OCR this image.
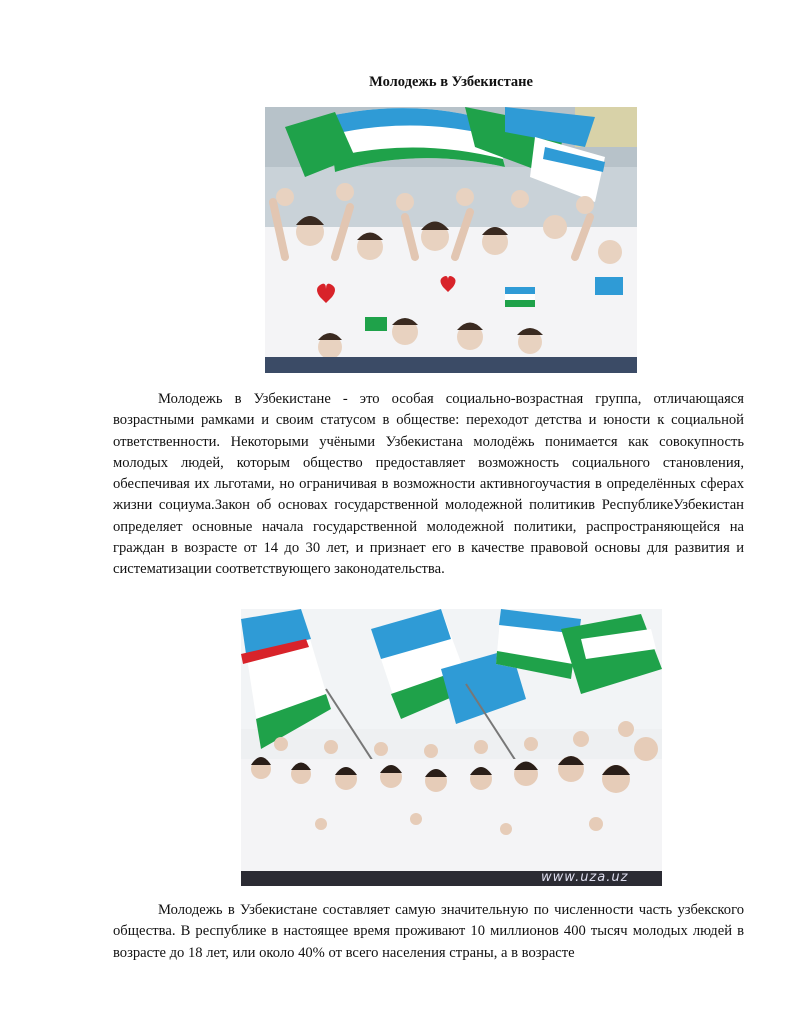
Молодежь в Узбекистане

Молодежь в Узбекистане - это особая социально-возрастная группа, отличающаяся возрастными рамками и своим статусом в обществе: переходот детства и юности к социальной ответственности. Некоторыми учёными Узбекистана молодёжь понимается как совокупность молодых людей, которым общество предоставляет возможность социального становления, обеспечивая их льготами, но ограничивая в возможности активногоучастия в определённых сферах жизни социума.Закон об основах государственной молодежной политикив РеспубликеУзбекистан определяет основные начала государственной молодежной политики, распространяющейся на граждан в возрасте от 14 до 30 лет, и признает его в качестве правовой основы для развития и систематизации соответствующего законодательства.

www.uza.uz

Молодежь в Узбекистане составляет самую значительную по численности часть узбекского общества. В республике в настоящее время проживают 10 миллионов 400 тысяч молодых людей в возрасте до 18 лет, или около 40% от всего населения страны, а в возрасте
